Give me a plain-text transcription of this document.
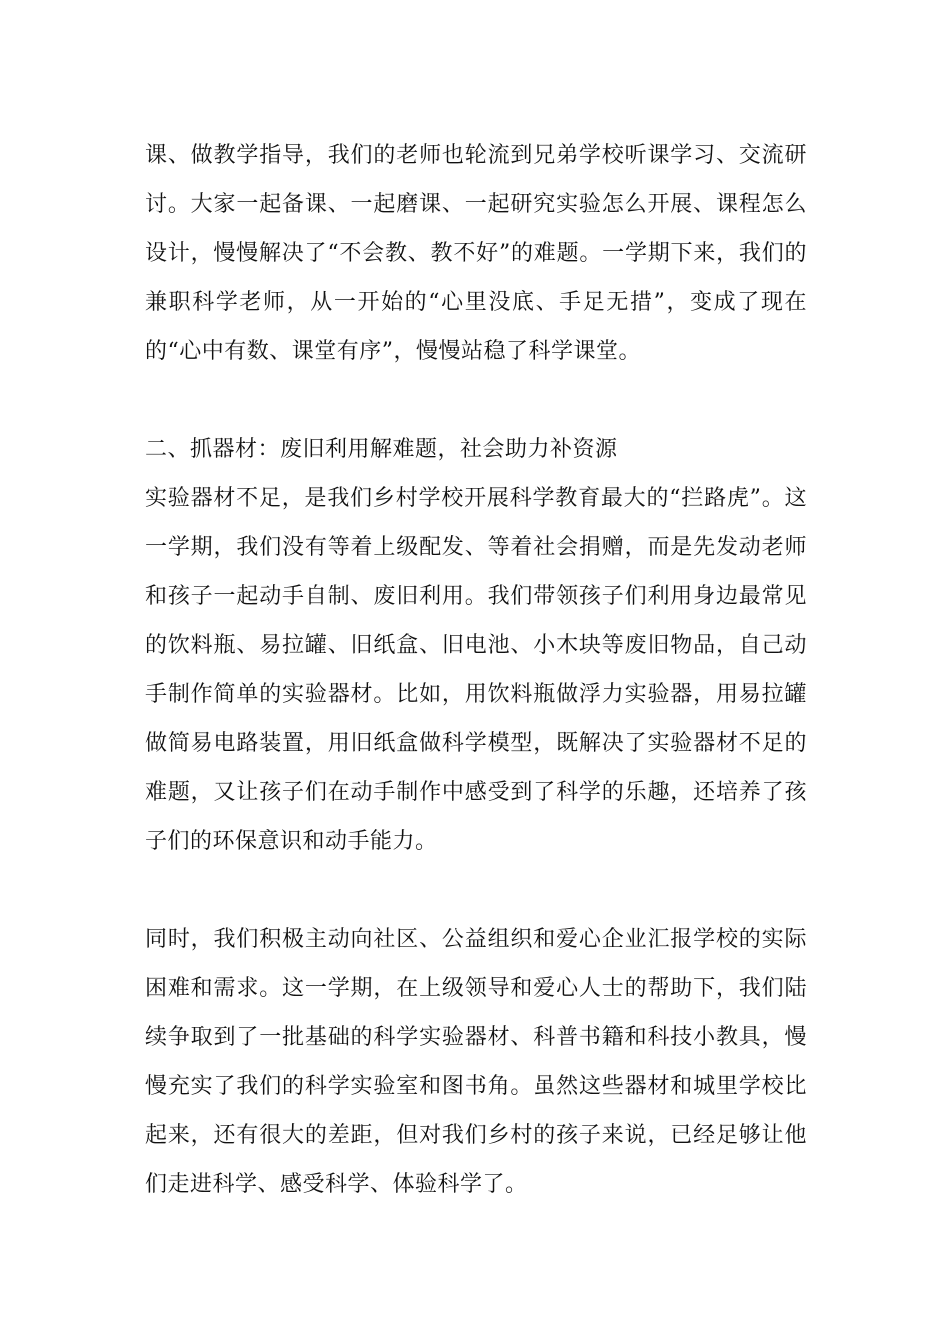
课、做教学指导，我们的老师也轮流到兄弟学校听课学习、交流研讨。大家一起备课、一起磨课、一起研究实验怎么开展、课程怎么设计，慢慢解决了“不会教、教不好”的难题。一学期下来，我们的兼职科学老师，从一开始的“心里没底、手足无措”，变成了现在的“心中有数、课堂有序”，慢慢站稳了科学课堂。

二、抓器材：废旧利用解难题，社会助力补资源

实验器材不足，是我们乡村学校开展科学教育最大的“拦路虎”。这一学期，我们没有等着上级配发、等着社会捐赠，而是先发动老师和孩子一起动手自制、废旧利用。我们带领孩子们利用身边最常见的饮料瓶、易拉罐、旧纸盒、旧电池、小木块等废旧物品，自己动手制作简单的实验器材。比如，用饮料瓶做浮力实验器，用易拉罐做简易电路装置，用旧纸盒做科学模型，既解决了实验器材不足的难题，又让孩子们在动手制作中感受到了科学的乐趣，还培养了孩子们的环保意识和动手能力。

同时，我们积极主动向社区、公益组织和爱心企业汇报学校的实际困难和需求。这一学期，在上级领导和爱心人士的帮助下，我们陆续争取到了一批基础的科学实验器材、科普书籍和科技小教具，慢慢充实了我们的科学实验室和图书角。虽然这些器材和城里学校比起来，还有很大的差距，但对我们乡村的孩子来说，已经足够让他们走进科学、感受科学、体验科学了。
